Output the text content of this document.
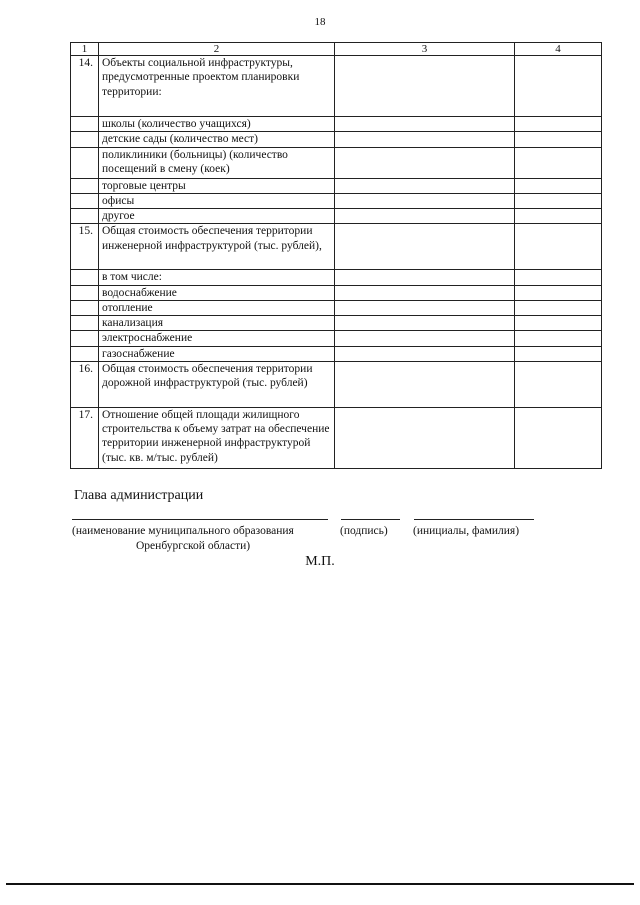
18
1	2	3	4
14.	Объекты социальной инфраструктуры, предусмотренные проектом планировки территории:		
	школы (количество учащихся)		
	детские сады (количество мест)		
	поликлиники (больницы) (количество посещений в смену (коек)		
	торговые центры		
	офисы		
	другое		
15.	Общая стоимость обеспечения территории инженерной инфраструктурой (тыс. рублей),		
	в том числе:		
	водоснабжение		
	отопление		
	канализация		
	электроснабжение		
	газоснабжение		
16.	Общая стоимость обеспечения территории дорожной инфраструктурой (тыс. рублей)		
17.	Отношение общей площади жилищного строительства к объему затрат на обеспечение территории инженерной инфраструктурой (тыс. кв. м/тыс. рублей)		

Глава администрации

(наименование муниципального образования
Оренбургской области)
(подпись) (инициалы, фамилия)
М.П.
